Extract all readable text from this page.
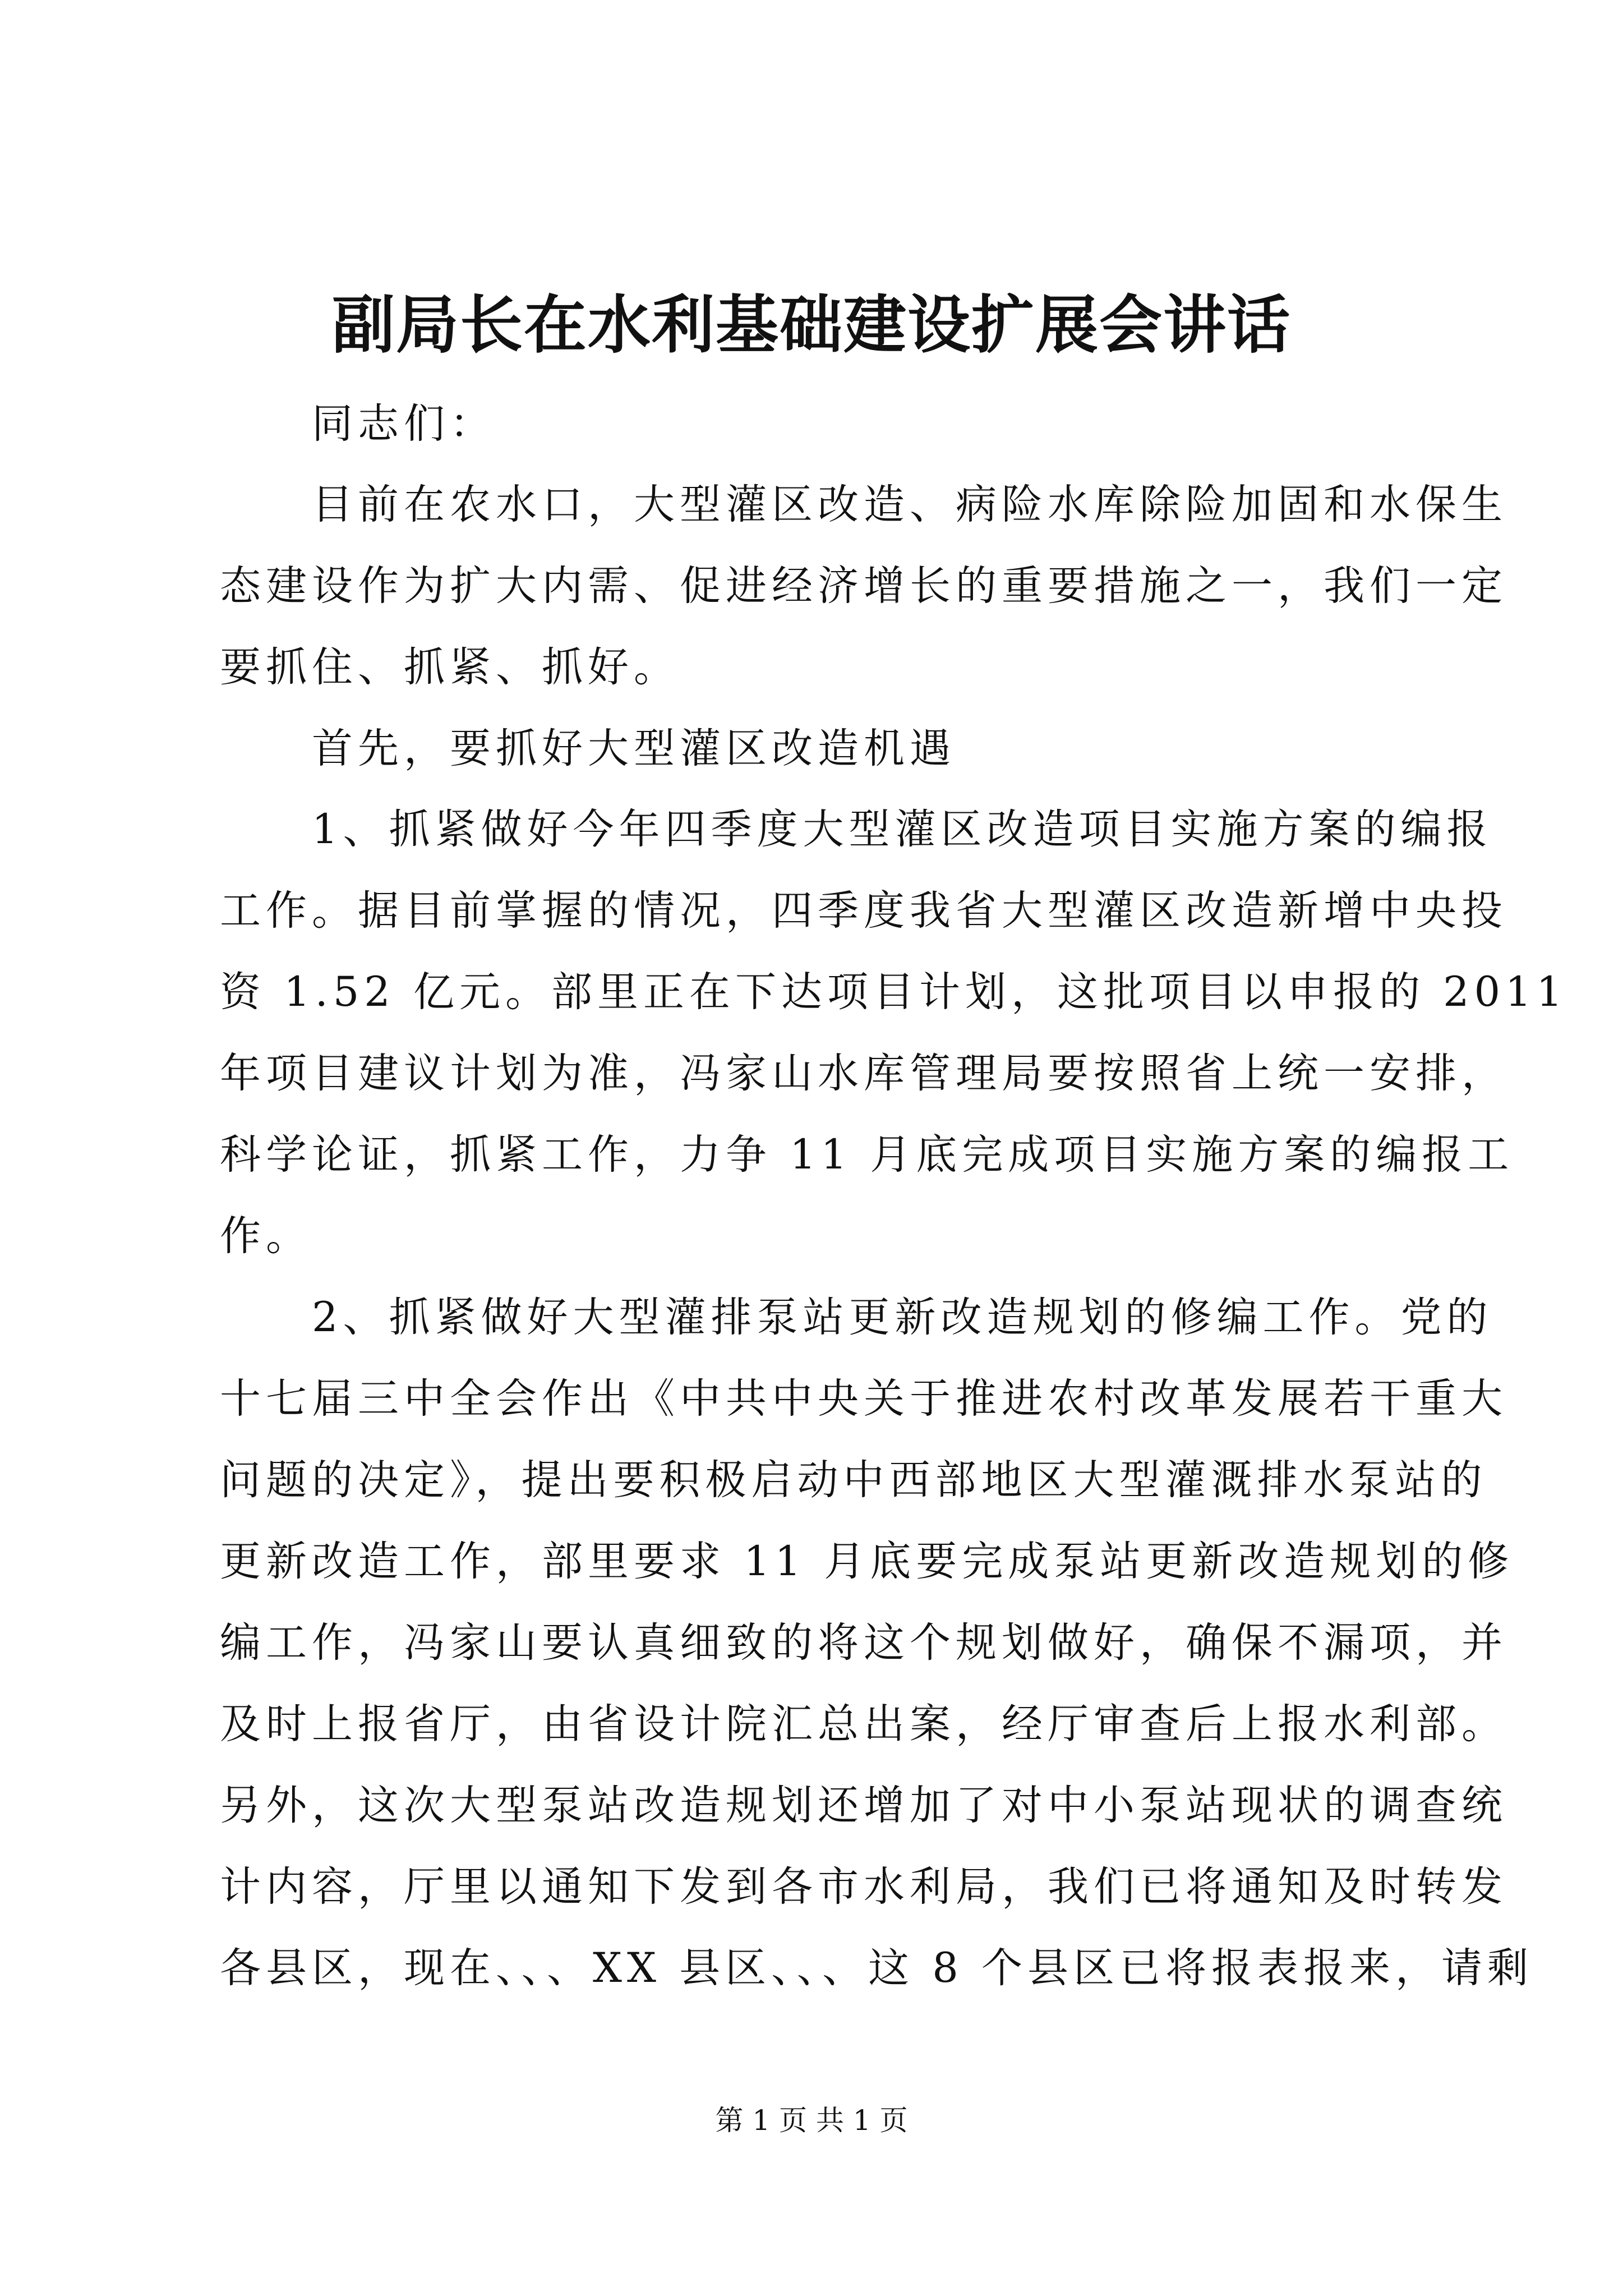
副局长在水利基础建设扩展会讲话
　　同志们：
　　目前在农水口，大型灌区改造、病险水库除险加固和水保生
态建设作为扩大内需、促进经济增长的重要措施之一，我们一定
要抓住、抓紧、抓好。
　　首先，要抓好大型灌区改造机遇
　　1、抓紧做好今年四季度大型灌区改造项目实施方案的编报
工作。据目前掌握的情况，四季度我省大型灌区改造新增中央投
资 1.52 亿元。部里正在下达项目计划，这批项目以申报的 2011
年项目建议计划为准，冯家山水库管理局要按照省上统一安排，
科学论证，抓紧工作，力争 11 月底完成项目实施方案的编报工
作。
　　2、抓紧做好大型灌排泵站更新改造规划的修编工作。党的
十七届三中全会作出《中共中央关于推进农村改革发展若干重大
问题的决定》，提出要积极启动中西部地区大型灌溉排水泵站的
更新改造工作，部里要求 11 月底要完成泵站更新改造规划的修
编工作，冯家山要认真细致的将这个规划做好，确保不漏项，并
及时上报省厅，由省设计院汇总出案，经厅审查后上报水利部。
另外，这次大型泵站改造规划还增加了对中小泵站现状的调查统
计内容，厅里以通知下发到各市水利局，我们已将通知及时转发
各县区，现在、、、XX 县区、、、这 8 个县区已将报表报来，请剩
第 1 页 共 1 页
